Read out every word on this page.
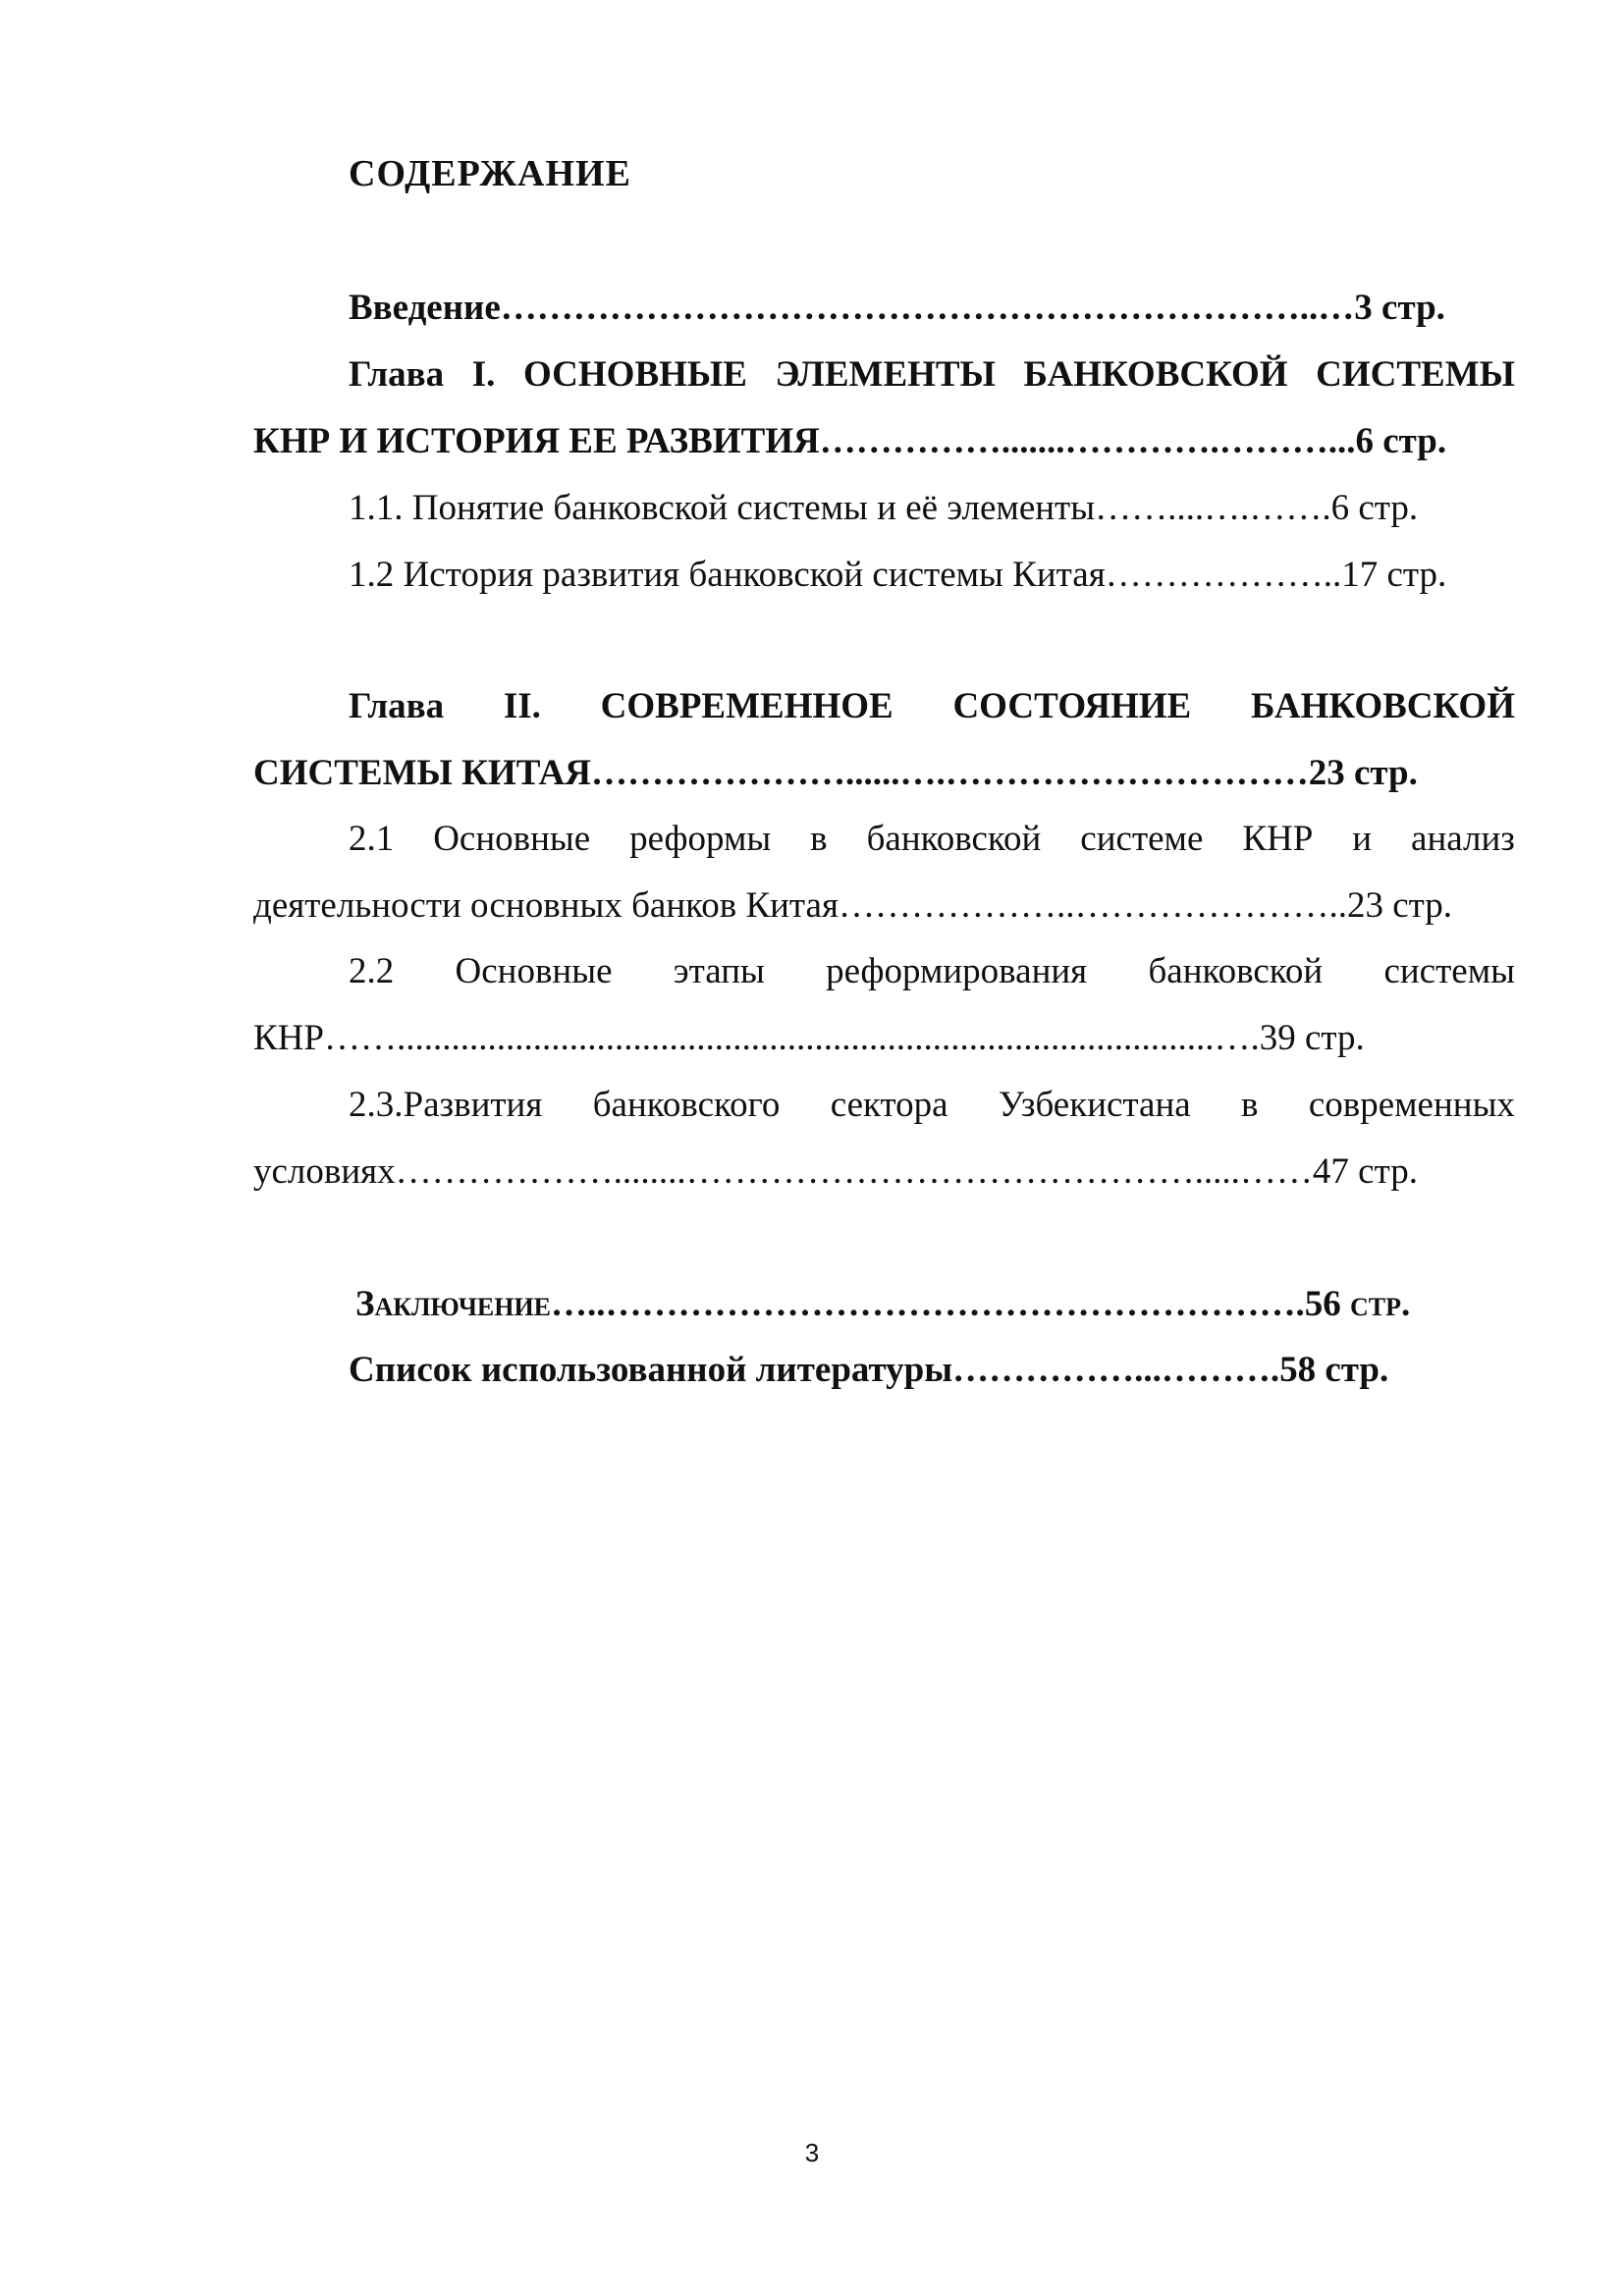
СОДЕРЖАНИЕ

Введение…………………………………………………………..…3 стр.

Глава I. ОСНОВНЫЕ ЭЛЕМЕНТЫ БАНКОВСКОЙ СИСТЕМЫ

КНР И ИСТОРИЯ ЕЕ РАЗВИТИЯ…………….......………….………...6 стр.

1.1. Понятие банковской системы и её элементы……....….…….6 стр.

1.2 История развития банковской системы Китая………………..17 стр.

Глава II. СОВРЕМЕННОЕ СОСТОЯНИЕ БАНКОВСКОЙ

СИСТЕМЫ КИТАЯ…………………......….…………………………23 стр.

2.1 Основные реформы в банковской системе КНР и анализ

деятельности основных банков Китая………………..…………………..23 стр.

2.2 Основные этапы реформирования банковской системы

КНР……..........................................................................................….39 стр.

2.3.Развития банковского сектора Узбекистана в современных

условиях………………........…………………………………….....……47 стр.

Заключение…..………………………………………………….56 стр.

Список использованной литературы……………...……….58 стр.

3
